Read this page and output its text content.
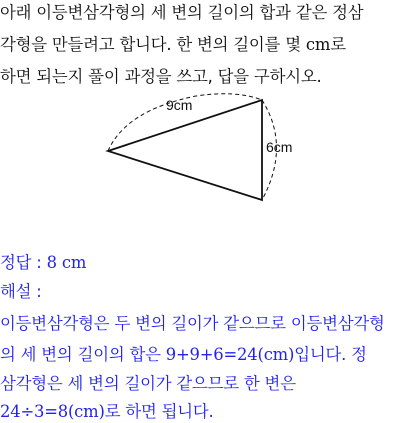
아래 이등변삼각형의 세 변의 길이의 합과 같은 정삼
각형을 만들려고 합니다. 한 변의 길이를 몇 cm로
하면 되는지 풀이 과정을 쓰고, 답을 구하시오.
9cm
6cm
정답 : 8 cm
해설 :
이등변삼각형은 두 변의 길이가 같으므로 이등변삼각형
의 세 변의 길이의 합은 9+9+6=24(cm)입니다. 정
삼각형은 세 변의 길이가 같으므로 한 변은
24÷3=8(cm)로 하면 됩니다.
